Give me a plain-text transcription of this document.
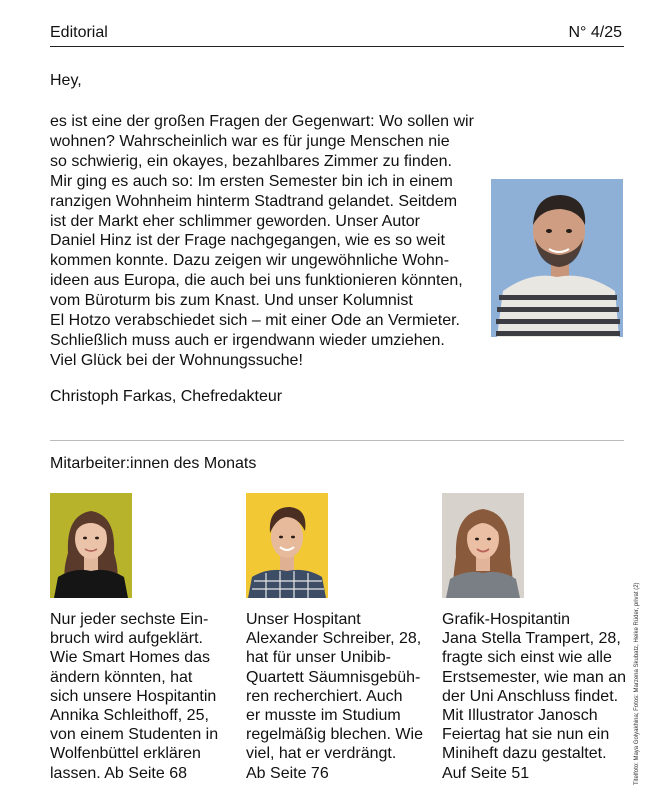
Editorial	N° 4/25
Hey,
es ist eine der großen Fragen der Gegenwart: Wo sollen wir
wohnen? Wahrscheinlich war es für junge Menschen nie
so schwierig, ein okayes, bezahlbares Zimmer zu finden.
Mir ging es auch so: Im ersten Semester bin ich in einem
ranzigen Wohnheim hinterm Stadtrand gelandet. Seitdem
ist der Markt eher schlimmer geworden. Unser Autor
Daniel Hinz ist der Frage nachgegangen, wie es so weit
kommen konnte. Dazu zeigen wir ungewöhnliche Wohn-
ideen aus Europa, die auch bei uns funktionieren könnten,
vom Büroturm bis zum Knast. Und unser Kolumnist
El Hotzo verabschiedet sich – mit einer Ode an Vermieter.
Schließlich muss auch er irgendwann wieder umziehen.
Viel Glück bei der Wohnungssuche!
Christoph Farkas, Chefredakteur
Mitarbeiter:innen des Monats
Nur jeder sechste Ein-
bruch wird aufgeklärt.
Wie Smart Homes das
ändern könnten, hat
sich unsere Hospitantin
Annika Schleithoff, 25,
von einem Studenten in
Wolfenbüttel erklären
lassen. Ab Seite 68
Unser Hospitant
Alexander Schreiber, 28,
hat für unser Unibib-
Quartett Säumnisgebüh-
ren recherchiert. Auch
er musste im Studium
regelmäßig blechen. Wie
viel, hat er verdrängt.
Ab Seite 76
Grafik-Hospitantin
Jana Stella Trampert, 28,
fragte sich einst wie alle
Erstsemester, wie man an
der Uni Anschluss findet.
Mit Illustrator Janosch
Feiertag hat sie nun ein
Miniheft dazu gestaltet.
Auf Seite 51	Titelfoto: Maya Golyakhina; Fotos: Marzena Skubatz, Heike Rüder, privat (2)
